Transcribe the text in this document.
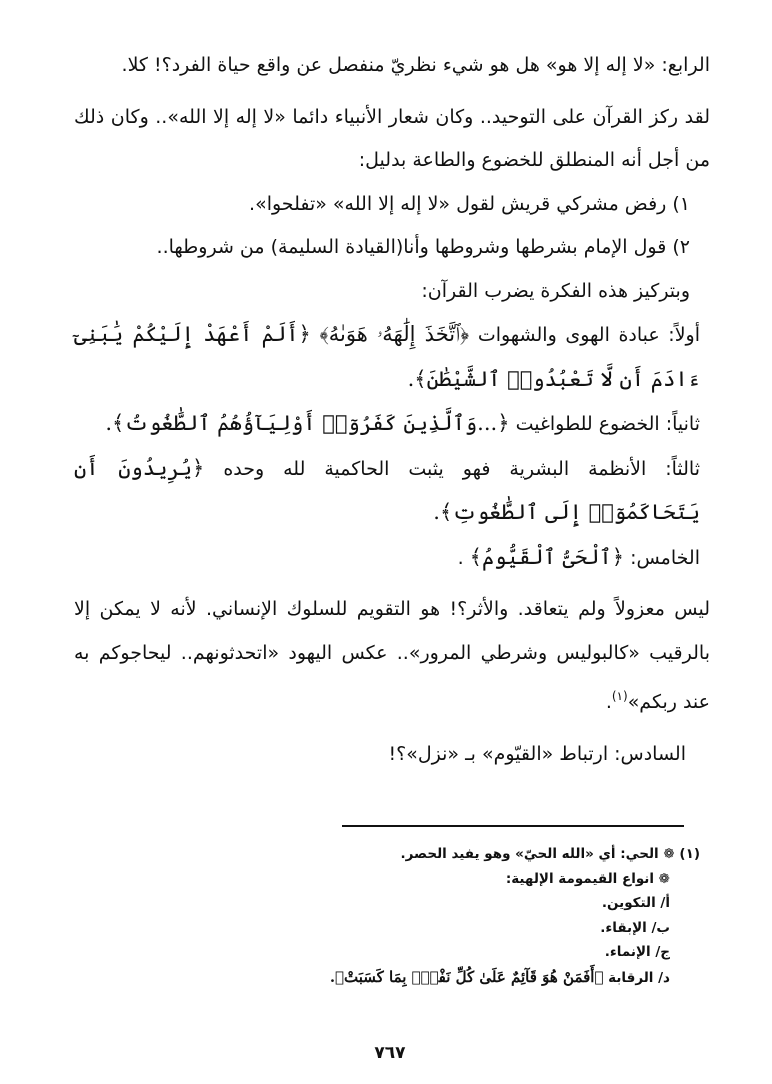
الرابع: «لا إله إلا هو» هل هو شيء نظريّ منفصل عن واقع حياة الفرد؟! كلا.

لقد ركز القرآن على التوحيد.. وكان شعار الأنبياء دائما «لا إله إلا الله».. وكان ذلك من أجل أنه المنطلق للخضوع والطاعة بدليل:

١) رفض مشركي قريش لقول «لا إله إلا الله» «تفلحوا».

٢) قول الإمام بشرطها وشروطها وأنا(القيادة السليمة) من شروطها..

وبتركيز هذه الفكرة يضرب القرآن:

أولاً: عبادة الهوى والشهوات ﴿ٱتَّخَذَ إِلَٰهَهُۥ هَوَىٰهُ﴾ ﴿أَلَمْ أَعْهَدْ إِلَيْكُمْ يَٰبَنِىٓ ءَادَمَ أَن لَّا تَعْبُدُوا۟ ٱلشَّيْطَٰنَ﴾.

ثانياً: الخضوع للطواغيت ﴿...وَٱلَّذِينَ كَفَرُوٓا۟ أَوْلِيَآؤُهُمُ ٱلطَّٰغُوتُ﴾.

ثالثاً: الأنظمة البشرية فهو يثبت الحاكمية لله وحده ﴿يُرِيدُونَ أَن يَتَحَاكَمُوٓا۟ إِلَى ٱلطَّٰغُوتِ﴾.

الخامس: ﴿ٱلْحَىُّ ٱلْقَيُّومُ﴾ .

ليس معزولاً ولم يتعاقد. والأثر؟! هو التقويم للسلوك الإنساني. لأنه لا يمكن إلا بالرقيب «كالبوليس وشرطي المرور».. عكس اليهود «اتحدثونهم.. ليحاجوكم به عند ربكم»$^{(١)}$.

السادس: ارتباط «القيّوم» بـ «نزل»؟!

(١) ❁ الحي: أي «الله الحيّ» وهو يفيد الحصر.

❁ انواع القيمومة الإلهية:

أ/ التكوين.

ب/ الإبقاء.

ج/ الإنماء.

د/ الرقابة ﴿أَفَمَنْ هُوَ قَآئِمٌ عَلَىٰ كُلِّ نَفْسٍۭ بِمَا كَسَبَتْ﴾.

٧٦٧
